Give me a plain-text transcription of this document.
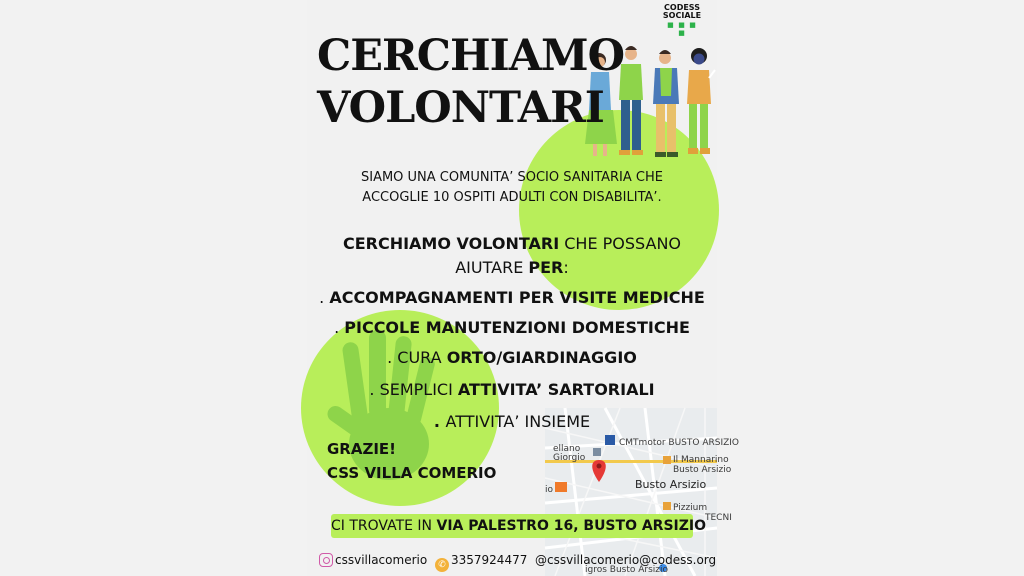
CODESS
SOCIALE
■ ■ ■ ■
CERCHIAMO
VOLONTARI
SIAMO UNA COMUNITA’ SOCIO SANITARIA CHE
ACCOGLIE 10 OSPITI ADULTI CON DISABILITA’.
CERCHIAMO VOLONTARI CHE POSSANO
AIUTARE PER:
. ACCOMPAGNAMENTI PER VISITE MEDICHE
. PICCOLE MANUTENZIONI DOMESTICHE
. CURA ORTO/GIARDINAGGIO
. SEMPLICI ATTIVITA’ SARTORIALI
CMTmotor BUSTO ARSIZIO
Il Mannarino
Busto Arsizio
Busto Arsizio
ellano
Giorgio
Pizzium
TECNI
igros Busto Arsizio
io
. ATTIVITA’ INSIEME
GRAZIE!
CSS VILLA COMERIO
CI TROVATE IN VIA PALESTRO 16, BUSTO ARSIZIO
cssvillacomerio	✆ 3357924477 @cssvillacomerio@codess.org
